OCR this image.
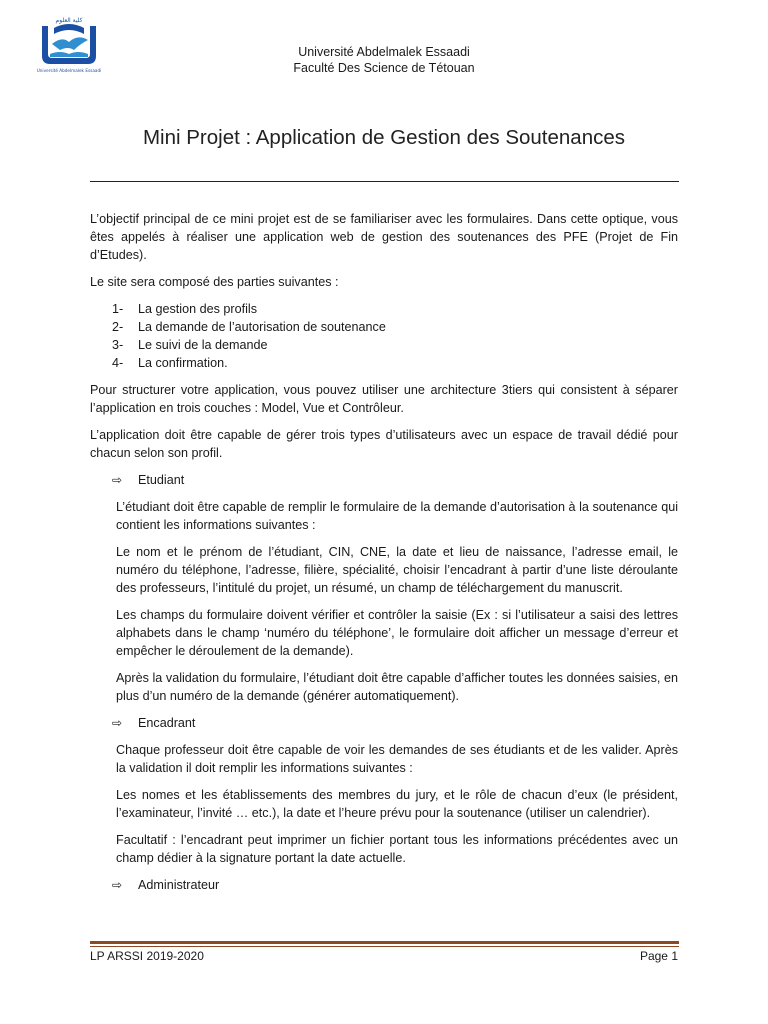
كلية العلوم
Université Abdelmalek Essaadi
Université Abdelmalek Essaadi
Faculté Des Science de Tétouan
Mini Projet : Application de Gestion des Soutenances

L’objectif principal de ce mini projet est de se familiariser avec les formulaires. Dans cette optique, vous êtes appelés à réaliser une application web de gestion des soutenances des PFE (Projet de Fin d’Etudes).

Le site sera composé des parties suivantes :

1- La gestion des profils
2- La demande de l’autorisation de soutenance
3- Le suivi de la demande
4- La confirmation.

Pour structurer votre application, vous pouvez utiliser une architecture 3tiers qui consistent à séparer l’application en trois couches : Model, Vue et Contrôleur.

L’application doit être capable de gérer trois types d’utilisateurs avec un espace de travail dédié pour chacun selon son profil.

⇨ Etudiant

L’étudiant doit être capable de remplir le formulaire de la demande d’autorisation à la soutenance qui contient les informations suivantes :

Le nom et le prénom de l’étudiant, CIN, CNE, la date et lieu de naissance, l’adresse email, le numéro du téléphone, l’adresse, filière, spécialité, choisir l’encadrant à partir d’une liste déroulante des professeurs, l’intitulé du projet, un résumé, un champ de téléchargement du manuscrit.

Les champs du formulaire doivent vérifier et contrôler la saisie (Ex : si l’utilisateur a saisi des lettres alphabets dans le champ ‘numéro du téléphone’, le formulaire doit afficher un message d’erreur et empêcher le déroulement de la demande).

Après la validation du formulaire, l’étudiant doit être capable d’afficher toutes les données saisies, en plus d’un numéro de la demande (générer automatiquement).

⇨ Encadrant

Chaque professeur doit être capable de voir les demandes de ses étudiants et de les valider. Après la validation il doit remplir les informations suivantes :

Les nomes et les établissements des membres du jury, et le rôle de chacun d’eux (le président, l’examinateur, l’invité … etc.), la date et l’heure prévu pour la soutenance (utiliser un calendrier).

Facultatif : l’encadrant peut imprimer un fichier portant tous les informations précédentes avec un champ dédier à la signature portant la date actuelle.

⇨ Administrateur
LP ARSSI 2019-2020	Page 1
